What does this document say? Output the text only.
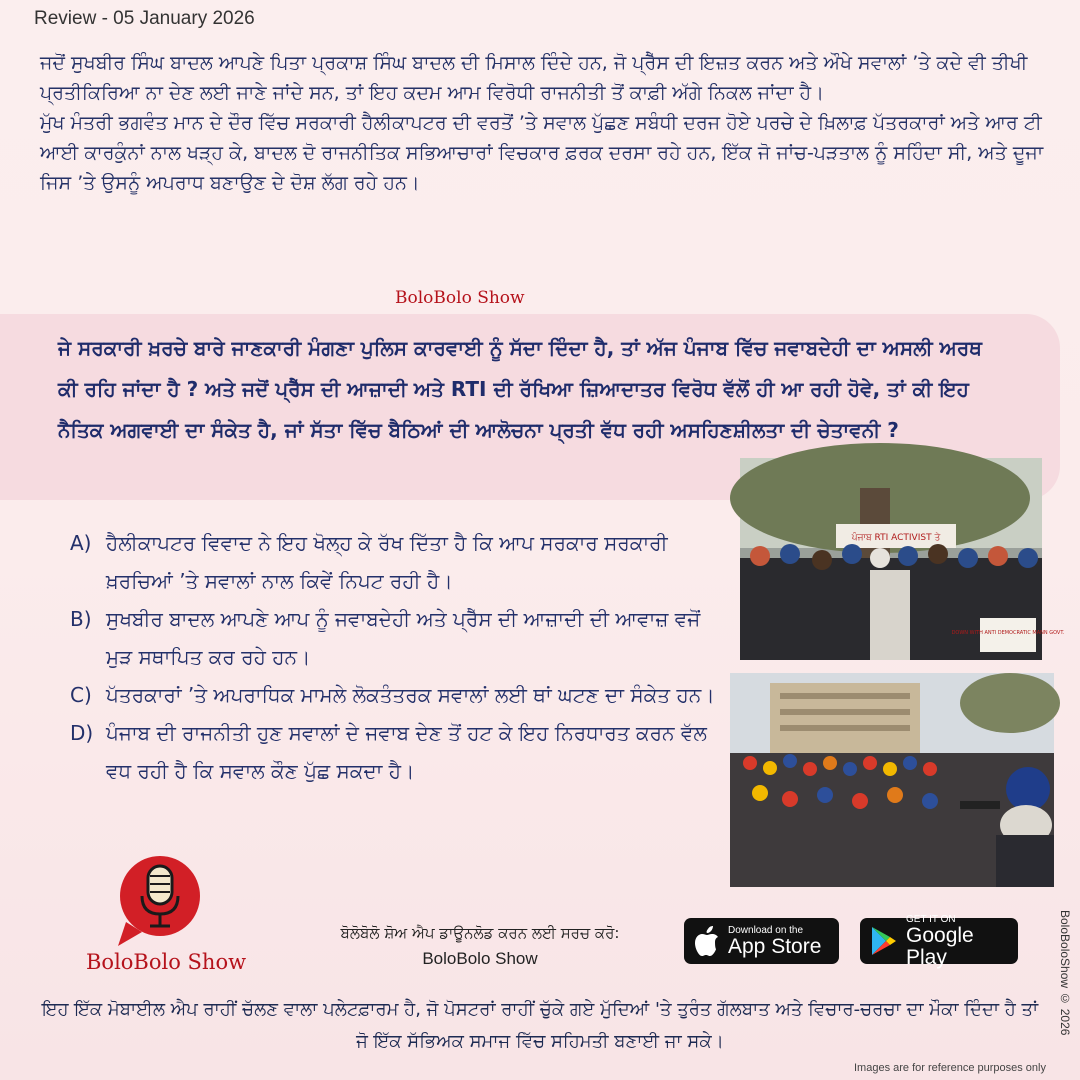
Review - 05 January 2026

ਜਦੋਂ ਸੁਖਬੀਰ ਸਿੰਘ ਬਾਦਲ ਆਪਣੇ ਪਿਤਾ ਪ੍ਰਕਾਸ਼ ਸਿੰਘ ਬਾਦਲ ਦੀ ਮਿਸਾਲ ਦਿੰਦੇ ਹਨ, ਜੋ ਪ੍ਰੈੱਸ ਦੀ ਇਜ਼ਤ ਕਰਨ ਅਤੇ ਔਖੇ ਸਵਾਲਾਂ ’ਤੇ ਕਦੇ ਵੀ ਤੀਖੀ ਪ੍ਰਤੀਕਿਰਿਆ ਨਾ ਦੇਣ ਲਈ ਜਾਣੇ ਜਾਂਦੇ ਸਨ, ਤਾਂ ਇਹ ਕਦਮ ਆਮ ਵਿਰੋਧੀ ਰਾਜਨੀਤੀ ਤੋਂ ਕਾਫ਼ੀ ਅੱਗੇ ਨਿਕਲ ਜਾਂਦਾ ਹੈ।

ਮੁੱਖ ਮੰਤਰੀ ਭਗਵੰਤ ਮਾਨ ਦੇ ਦੌਰ ਵਿੱਚ ਸਰਕਾਰੀ ਹੈਲੀਕਾਪਟਰ ਦੀ ਵਰਤੋਂ ’ਤੇ ਸਵਾਲ ਪੁੱਛਣ ਸਬੰਧੀ ਦਰਜ ਹੋਏ ਪਰਚੇ ਦੇ ਖ਼ਿਲਾਫ਼ ਪੱਤਰਕਾਰਾਂ ਅਤੇ ਆਰ ਟੀ ਆਈ ਕਾਰਕੁੰਨਾਂ ਨਾਲ ਖੜ੍ਹ ਕੇ, ਬਾਦਲ ਦੋ ਰਾਜਨੀਤਿਕ ਸਭਿਆਚਾਰਾਂ ਵਿਚਕਾਰ ਫ਼ਰਕ ਦਰਸਾ ਰਹੇ ਹਨ, ਇੱਕ ਜੋ ਜਾਂਚ-ਪੜਤਾਲ ਨੂੰ ਸਹਿੰਦਾ ਸੀ, ਅਤੇ ਦੂਜਾ ਜਿਸ ’ਤੇ ਉਸਨੂੰ ਅਪਰਾਧ ਬਣਾਉਣ ਦੇ ਦੋਸ਼ ਲੱਗ ਰਹੇ ਹਨ।

BoloBolo Show
ਜੇ ਸਰਕਾਰੀ ਖ਼ਰਚੇ ਬਾਰੇ ਜਾਣਕਾਰੀ ਮੰਗਣਾ ਪੁਲਿਸ ਕਾਰਵਾਈ ਨੂੰ ਸੱਦਾ ਦਿੰਦਾ ਹੈ, ਤਾਂ ਅੱਜ ਪੰਜਾਬ ਵਿੱਚ ਜਵਾਬਦੇਹੀ ਦਾ ਅਸਲੀ ਅਰਥ ਕੀ ਰਹਿ ਜਾਂਦਾ ਹੈ ? ਅਤੇ ਜਦੋਂ ਪ੍ਰੈੱਸ ਦੀ ਆਜ਼ਾਦੀ ਅਤੇ RTI ਦੀ ਰੱਖਿਆ ਜ਼ਿਆਦਾਤਰ ਵਿਰੋਧ ਵੱਲੋਂ ਹੀ ਆ ਰਹੀ ਹੋਵੇ, ਤਾਂ ਕੀ ਇਹ ਨੈਤਿਕ ਅਗਵਾਈ ਦਾ ਸੰਕੇਤ ਹੈ, ਜਾਂ ਸੱਤਾ ਵਿੱਚ ਬੈਠਿਆਂ ਦੀ ਆਲੋਚਨਾ ਪ੍ਰਤੀ ਵੱਧ ਰਹੀ ਅਸਹਿਣਸ਼ੀਲਤਾ ਦੀ ਚੇਤਾਵਨੀ ?
A) ਹੈਲੀਕਾਪਟਰ ਵਿਵਾਦ ਨੇ ਇਹ ਖੋਲ੍ਹ ਕੇ ਰੱਖ ਦਿੱਤਾ ਹੈ ਕਿ ਆਪ ਸਰਕਾਰ ਸਰਕਾਰੀ ਖ਼ਰਚਿਆਂ ’ਤੇ ਸਵਾਲਾਂ ਨਾਲ ਕਿਵੇਂ ਨਿਪਟ ਰਹੀ ਹੈ।
B) ਸੁਖਬੀਰ ਬਾਦਲ ਆਪਣੇ ਆਪ ਨੂੰ ਜਵਾਬਦੇਹੀ ਅਤੇ ਪ੍ਰੈੱਸ ਦੀ ਆਜ਼ਾਦੀ ਦੀ ਆਵਾਜ਼ ਵਜੋਂ ਮੁੜ ਸਥਾਪਿਤ ਕਰ ਰਹੇ ਹਨ।
C) ਪੱਤਰਕਾਰਾਂ ’ਤੇ ਅਪਰਾਧਿਕ ਮਾਮਲੇ ਲੋਕਤੰਤਰਕ ਸਵਾਲਾਂ ਲਈ ਥਾਂ ਘਟਣ ਦਾ ਸੰਕੇਤ ਹਨ।
D) ਪੰਜਾਬ ਦੀ ਰਾਜਨੀਤੀ ਹੁਣ ਸਵਾਲਾਂ ਦੇ ਜਵਾਬ ਦੇਣ ਤੋਂ ਹਟ ਕੇ ਇਹ ਨਿਰਧਾਰਤ ਕਰਨ ਵੱਲ ਵਧ ਰਹੀ ਹੈ ਕਿ ਸਵਾਲ ਕੌਣ ਪੁੱਛ ਸਕਦਾ ਹੈ।
ਪੰਜਾਬ RTI ACTIVIST ਤੇ
DOWN WITH ANTI DEMOCRATIC MANN GOVT.
BoloBolo Show
ਬੋਲੋਬੋਲੋ ਸ਼ੋਅ ਐਪ ਡਾਊਨਲੋਡ ਕਰਨ ਲਈ ਸਰਚ ਕਰੋ:
BoloBolo Show
Download on the
App Store
GET IT ON
Google Play
ਇਹ ਇੱਕ ਮੋਬਾਈਲ ਐਪ ਰਾਹੀਂ ਚੱਲਣ ਵਾਲਾ ਪਲੇਟਫ਼ਾਰਮ ਹੈ, ਜੋ ਪੋਸਟਰਾਂ ਰਾਹੀਂ ਚੁੱਕੇ ਗਏ ਮੁੱਦਿਆਂ 'ਤੇ ਤੁਰੰਤ ਗੱਲਬਾਤ ਅਤੇ ਵਿਚਾਰ-ਚਰਚਾ ਦਾ ਮੌਕਾ ਦਿੰਦਾ ਹੈ ਤਾਂ ਜੋ ਇੱਕ ਸੱਭਿਅਕ ਸਮਾਜ ਵਿੱਚ ਸਹਿਮਤੀ ਬਣਾਈ ਜਾ ਸਕੇ।
BoloBoloShow © 2026
Images are for reference purposes only
